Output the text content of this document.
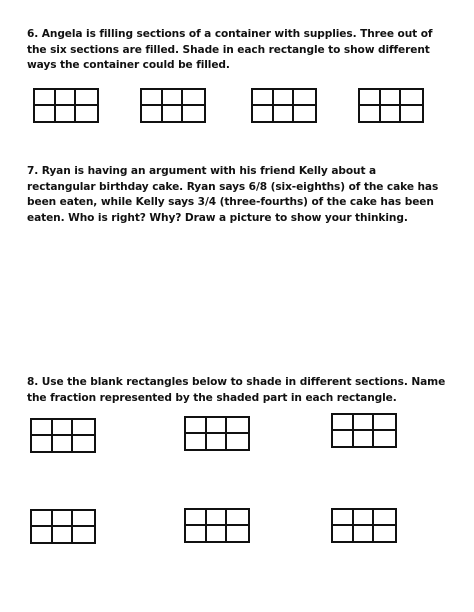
6. Angela is filling sections of a container with supplies. Three out of the six sections are filled. Shade in each rectangle to show different ways the container could be filled.

7. Ryan is having an argument with his friend Kelly about a rectangular birthday cake. Ryan says 6/8 (six-eighths) of the cake has been eaten, while Kelly says 3/4 (three-fourths) of the cake has been eaten. Who is right? Why? Draw a picture to show your thinking.

8. Use the blank rectangles below to shade in different sections. Name the fraction represented by the shaded part in each rectangle.
